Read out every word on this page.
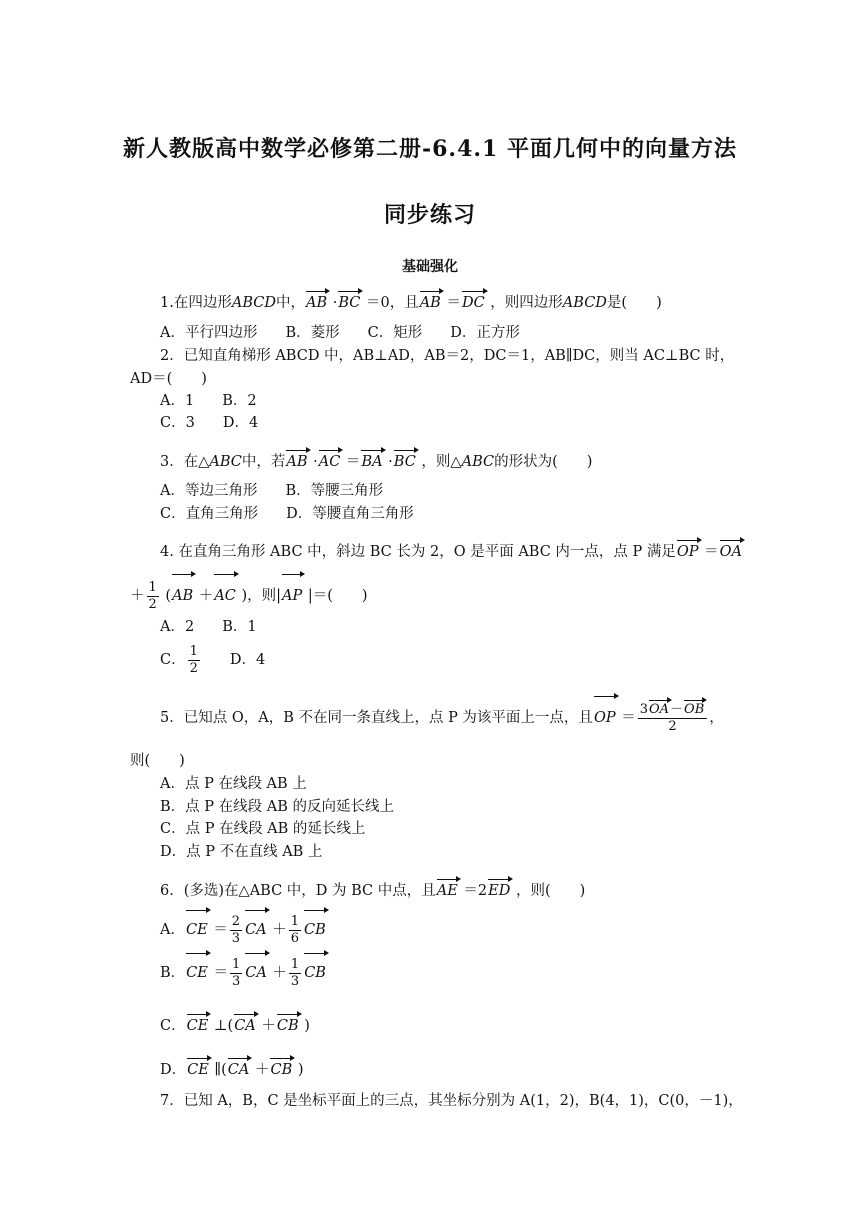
新人教版高中数学必修第二册-6.4.1 平面几何中的向量方法
同步练习
基础强化
1.在四边形ABCD中，AB ·BC ＝0，且AB ＝DC ，则四边形ABCD是(　　)
A．平行四边形 B．菱形 C．矩形 D．正方形
2．已知直角梯形 ABCD 中，AB⊥AD，AB＝2，DC＝1，AB∥DC，则当 AC⊥BC 时，
AD＝(　　)
A．1 B．2
C．3 D．4
3．在△ABC中，若AB ·AC ＝BA ·BC ，则△ABC的形状为(　　)
A．等边三角形 B．等腰三角形
C．直角三角形 D．等腰直角三角形
4. 在直角三角形 ABC 中，斜边 BC 长为 2，O 是平面 ABC 内一点，点 P 满足OP ＝OA
＋ $\frac{1}{2} (AB +AC$ )，则|AP |＝(　　)
A．2 B．1
C． $\frac{1}{2}$ D．4
5．已知点 O，A，B 不在同一条直线上，点 P 为该平面上一点，且OP ＝ $\frac{3OA-OB}{2}$ ，
则(　　)
A．点 P 在线段 AB 上
B．点 P 在线段 AB 的反向延长线上
C．点 P 在线段 AB 的延长线上
D．点 P 不在直线 AB 上
6．(多选)在△ABC 中，D 为 BC 中点，且AE ＝2ED ，则(　　)
A．CE ＝ $\frac{2}{3}$ CA ＋ $\frac{1}{6}$ CB
B．CE ＝ $\frac{1}{3}$ CA ＋ $\frac{1}{3}$ CB
C．CE ⊥(CA ＋CB )
D．CE ∥(CA ＋CB )
7．已知 A，B，C 是坐标平面上的三点，其坐标分别为 A(1，2)，B(4，1)，C(0，－1)，
